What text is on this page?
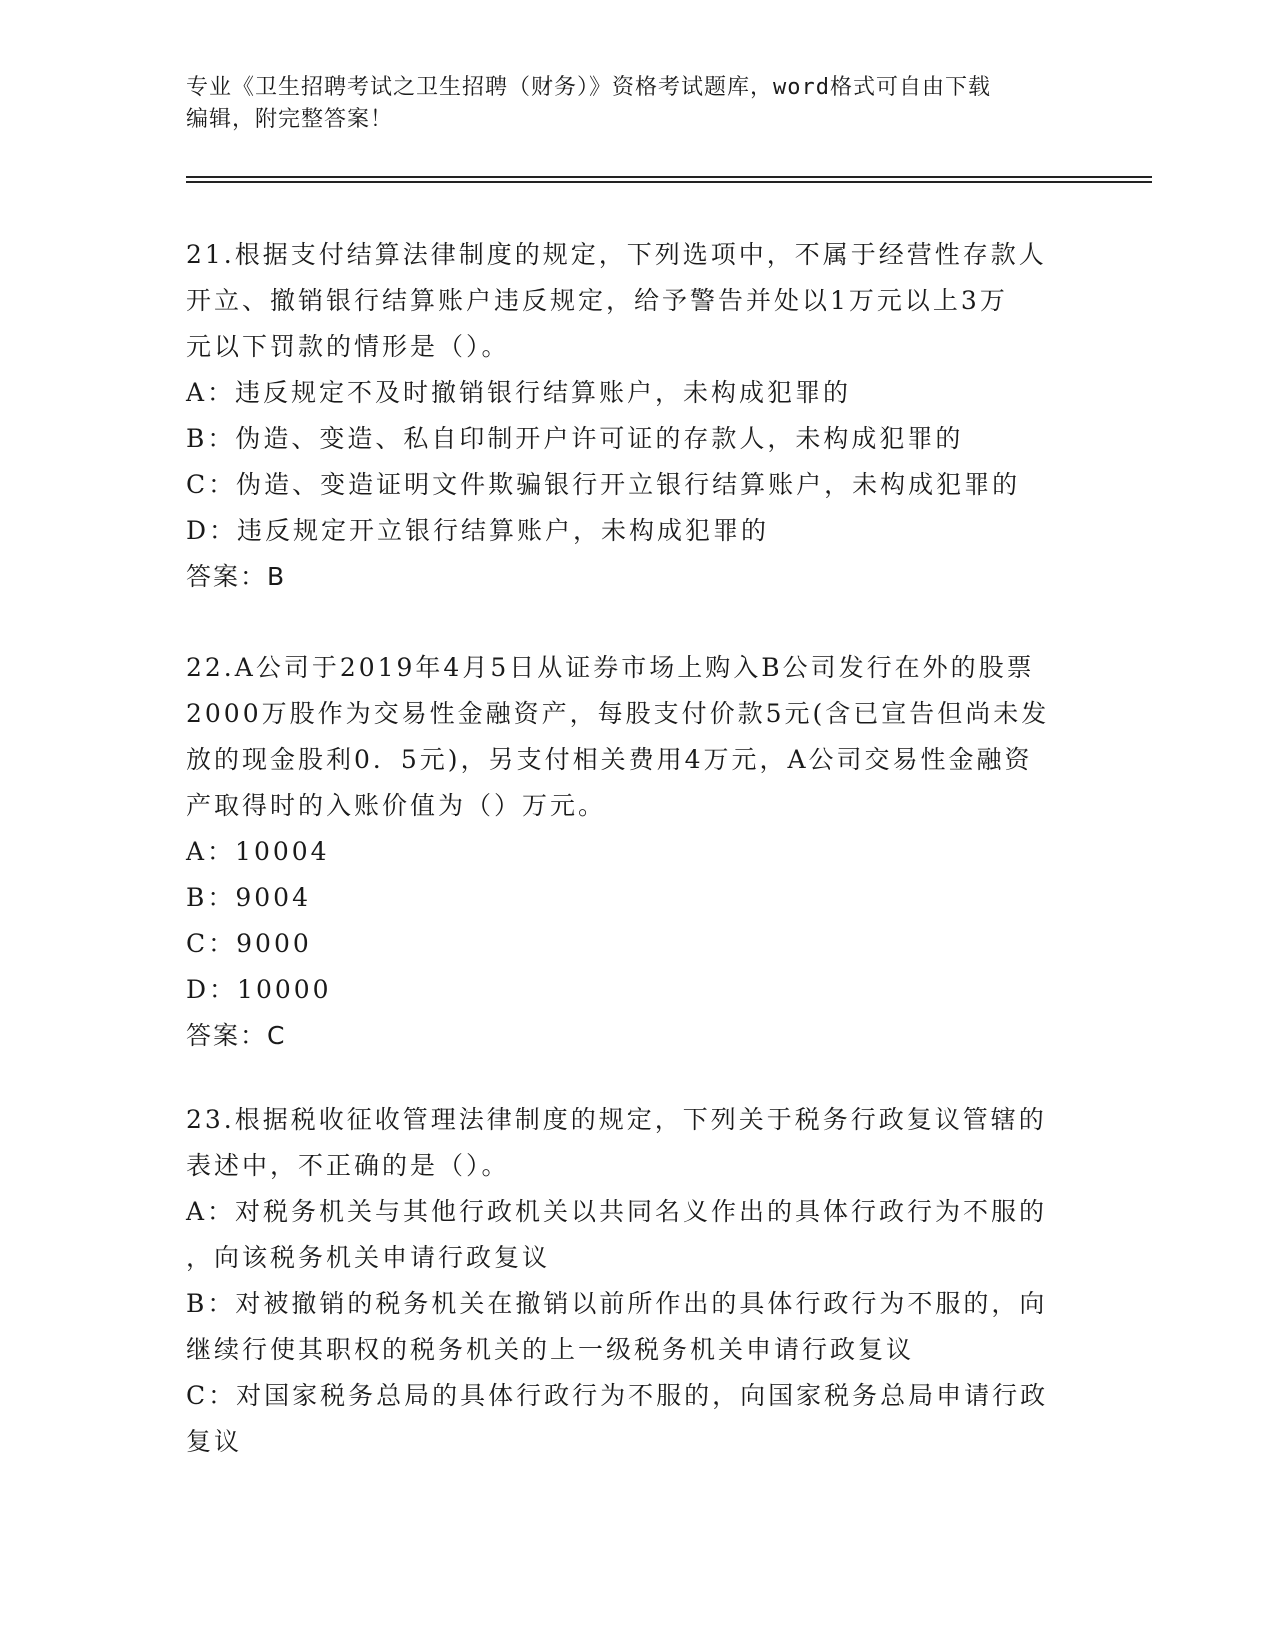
专业《卫生招聘考试之卫生招聘（财务）》资格考试题库，word格式可自由下载
编辑，附完整答案！
21.根据支付结算法律制度的规定，下列选项中，不属于经营性存款人
开立、撤销银行结算账户违反规定，给予警告并处以1万元以上3万
元以下罚款的情形是（）。
A：违反规定不及时撤销银行结算账户，未构成犯罪的
B：伪造、变造、私自印制开户许可证的存款人，未构成犯罪的
C：伪造、变造证明文件欺骗银行开立银行结算账户，未构成犯罪的
D：违反规定开立银行结算账户，未构成犯罪的
答案：B
22.A公司于2019年4月5日从证券市场上购入B公司发行在外的股票
2000万股作为交易性金融资产，每股支付价款5元(含已宣告但尚未发
放的现金股利0．5元)，另支付相关费用4万元，A公司交易性金融资
产取得时的入账价值为（）万元。
A：10004
B：9004
C：9000
D：10000
答案：C
23.根据税收征收管理法律制度的规定，下列关于税务行政复议管辖的
表述中，不正确的是（）。
A：对税务机关与其他行政机关以共同名义作出的具体行政行为不服的
，向该税务机关申请行政复议
B：对被撤销的税务机关在撤销以前所作出的具体行政行为不服的，向
继续行使其职权的税务机关的上一级税务机关申请行政复议
C：对国家税务总局的具体行政行为不服的，向国家税务总局申请行政
复议
